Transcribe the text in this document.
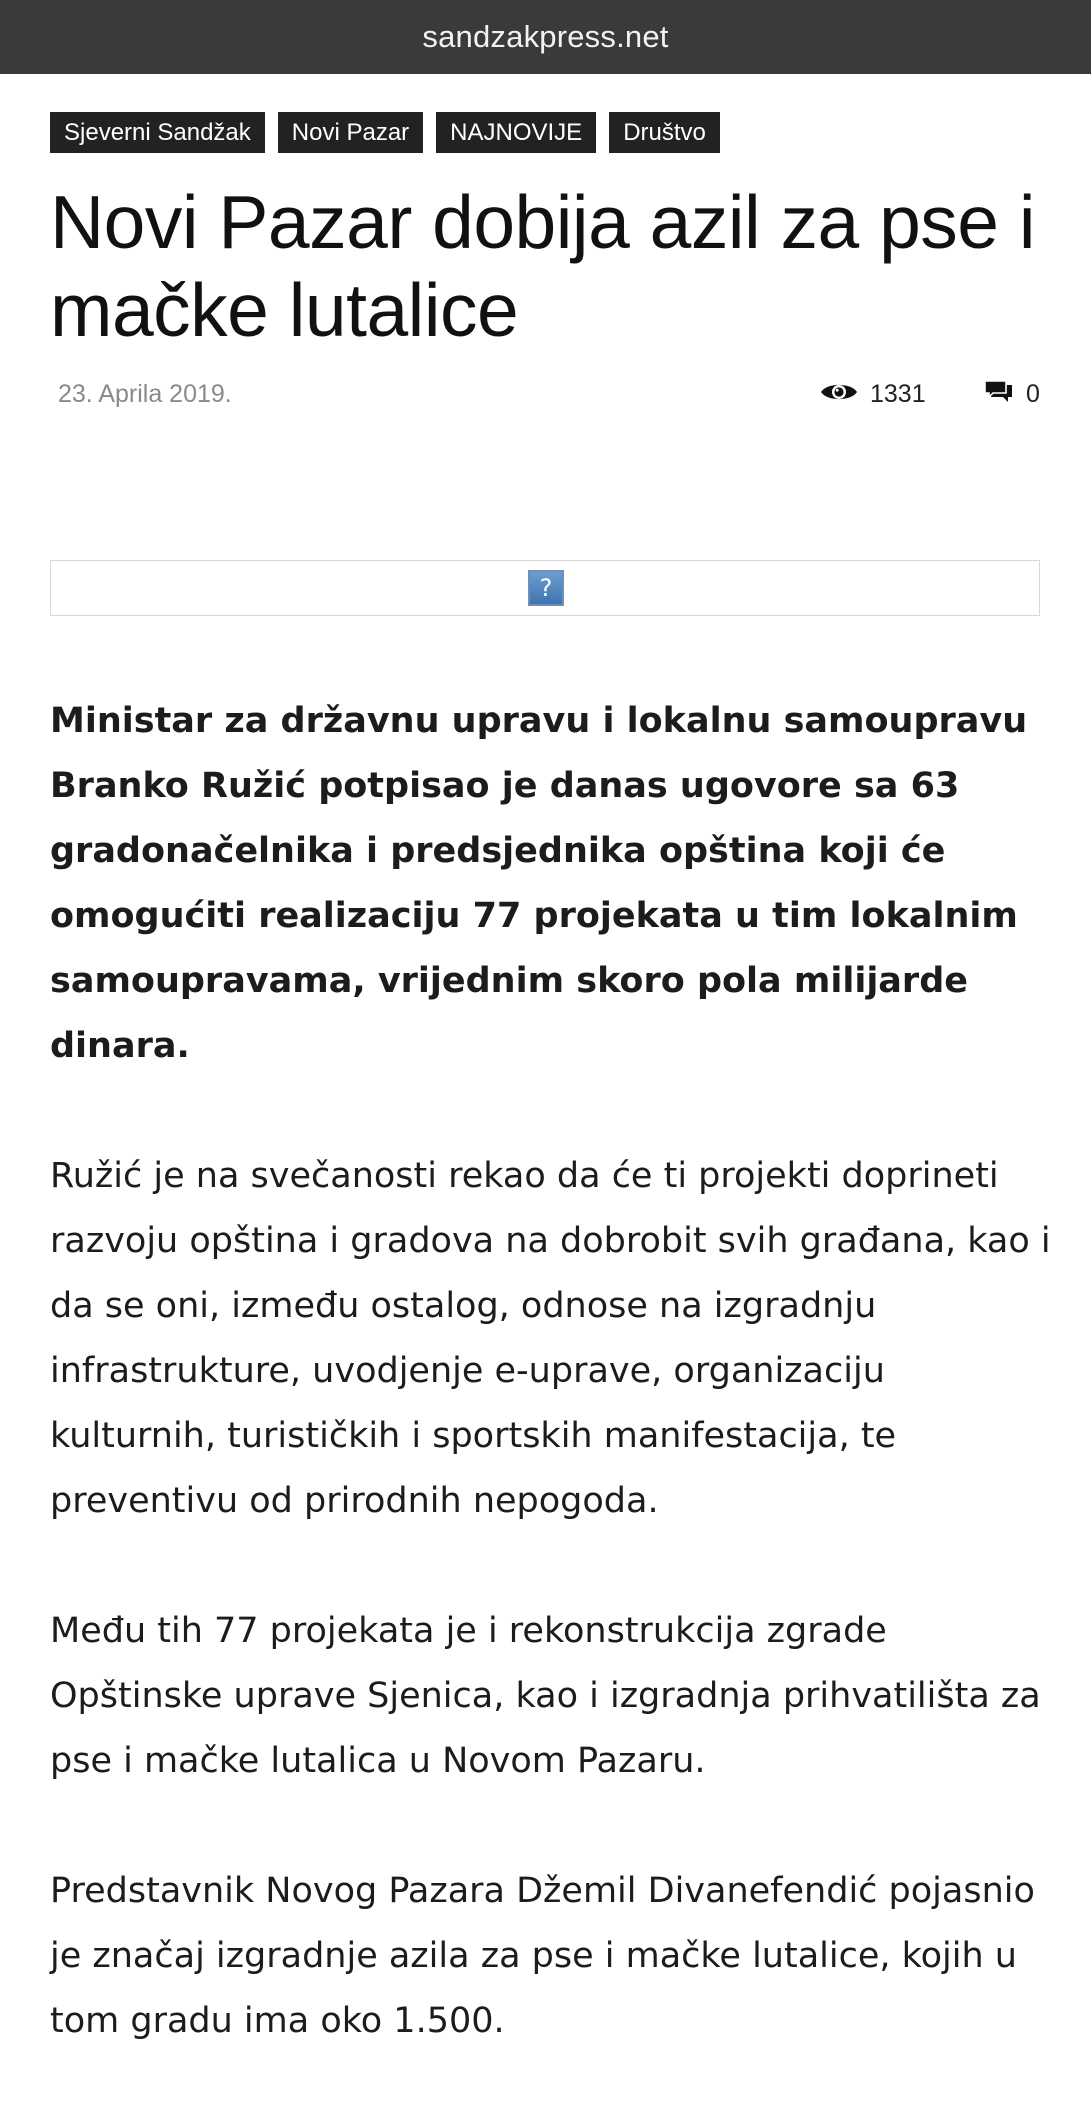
sandzakpress.net
Sjeverni Sandžak	Novi Pazar	NAJNOVIJE	Društvo
Novi Pazar dobija azil za pse i mačke lutalice
23. Aprila 2019.	1331	0
?

Ministar za državnu upravu i lokalnu samoupravu Branko Ružić potpisao je danas ugovore sa 63 gradonačelnika i predsjednika opština koji će omogućiti realizaciju 77 projekata u tim lokalnim samoupravama, vrijednim skoro pola milijarde dinara.

Ružić je na svečanosti rekao da će ti projekti doprineti razvoju opština i gradova na dobrobit svih građana, kao i da se oni, između ostalog, odnose na izgradnju infrastrukture, uvodjenje e-uprave, organizaciju kulturnih, turističkih i sportskih manifestacija, te preventivu od prirodnih nepogoda.

Među tih 77 projekata je i rekonstrukcija zgrade Opštinske uprave Sjenica, kao i izgradnja prihvatilišta za pse i mačke lutalica u Novom Pazaru.

Predstavnik Novog Pazara Džemil Divanefendić pojasnio je značaj izgradnje azila za pse i mačke lutalice, kojih u tom gradu ima oko 1.500.
